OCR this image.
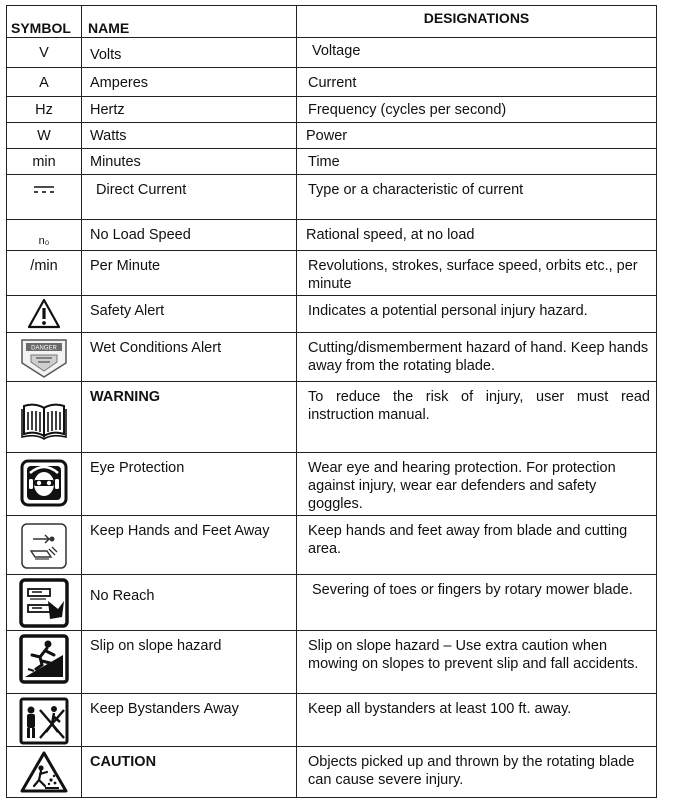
SYMBOL	NAME	DESIGNATIONS

V	Volts	Voltage

A	Amperes	Current

Hz	Hertz	Frequency (cycles per second)

W	Watts	Power

min	Minutes	Time

	Direct Current	Type or a characteristic of current

n₀	No Load Speed	Rational speed, at no load

/min	Per Minute	Revolutions, strokes, surface speed, orbits etc., per minute

	Safety Alert	Indicates a potential personal injury hazard.

DANGER	Wet Conditions Alert	Cutting/dismemberment hazard of hand. Keep hands away from the rotating blade.

	WARNING	To reduce the risk of injury, user must read instruction manual.

	Eye Protection	Wear eye and hearing protection. For protection against injury, wear ear defenders and safety goggles.

	Keep Hands and Feet Away	Keep hands and feet away from blade and cutting area.

	No Reach	Severing of toes or fingers by rotary mower blade.

	Slip on slope hazard	Slip on slope hazard – Use extra caution when mowing on slopes to prevent slip and fall accidents.

	Keep Bystanders Away	Keep all bystanders at least 100 ft. away.

	CAUTION	Objects picked up and thrown by the rotating blade can cause severe injury.
